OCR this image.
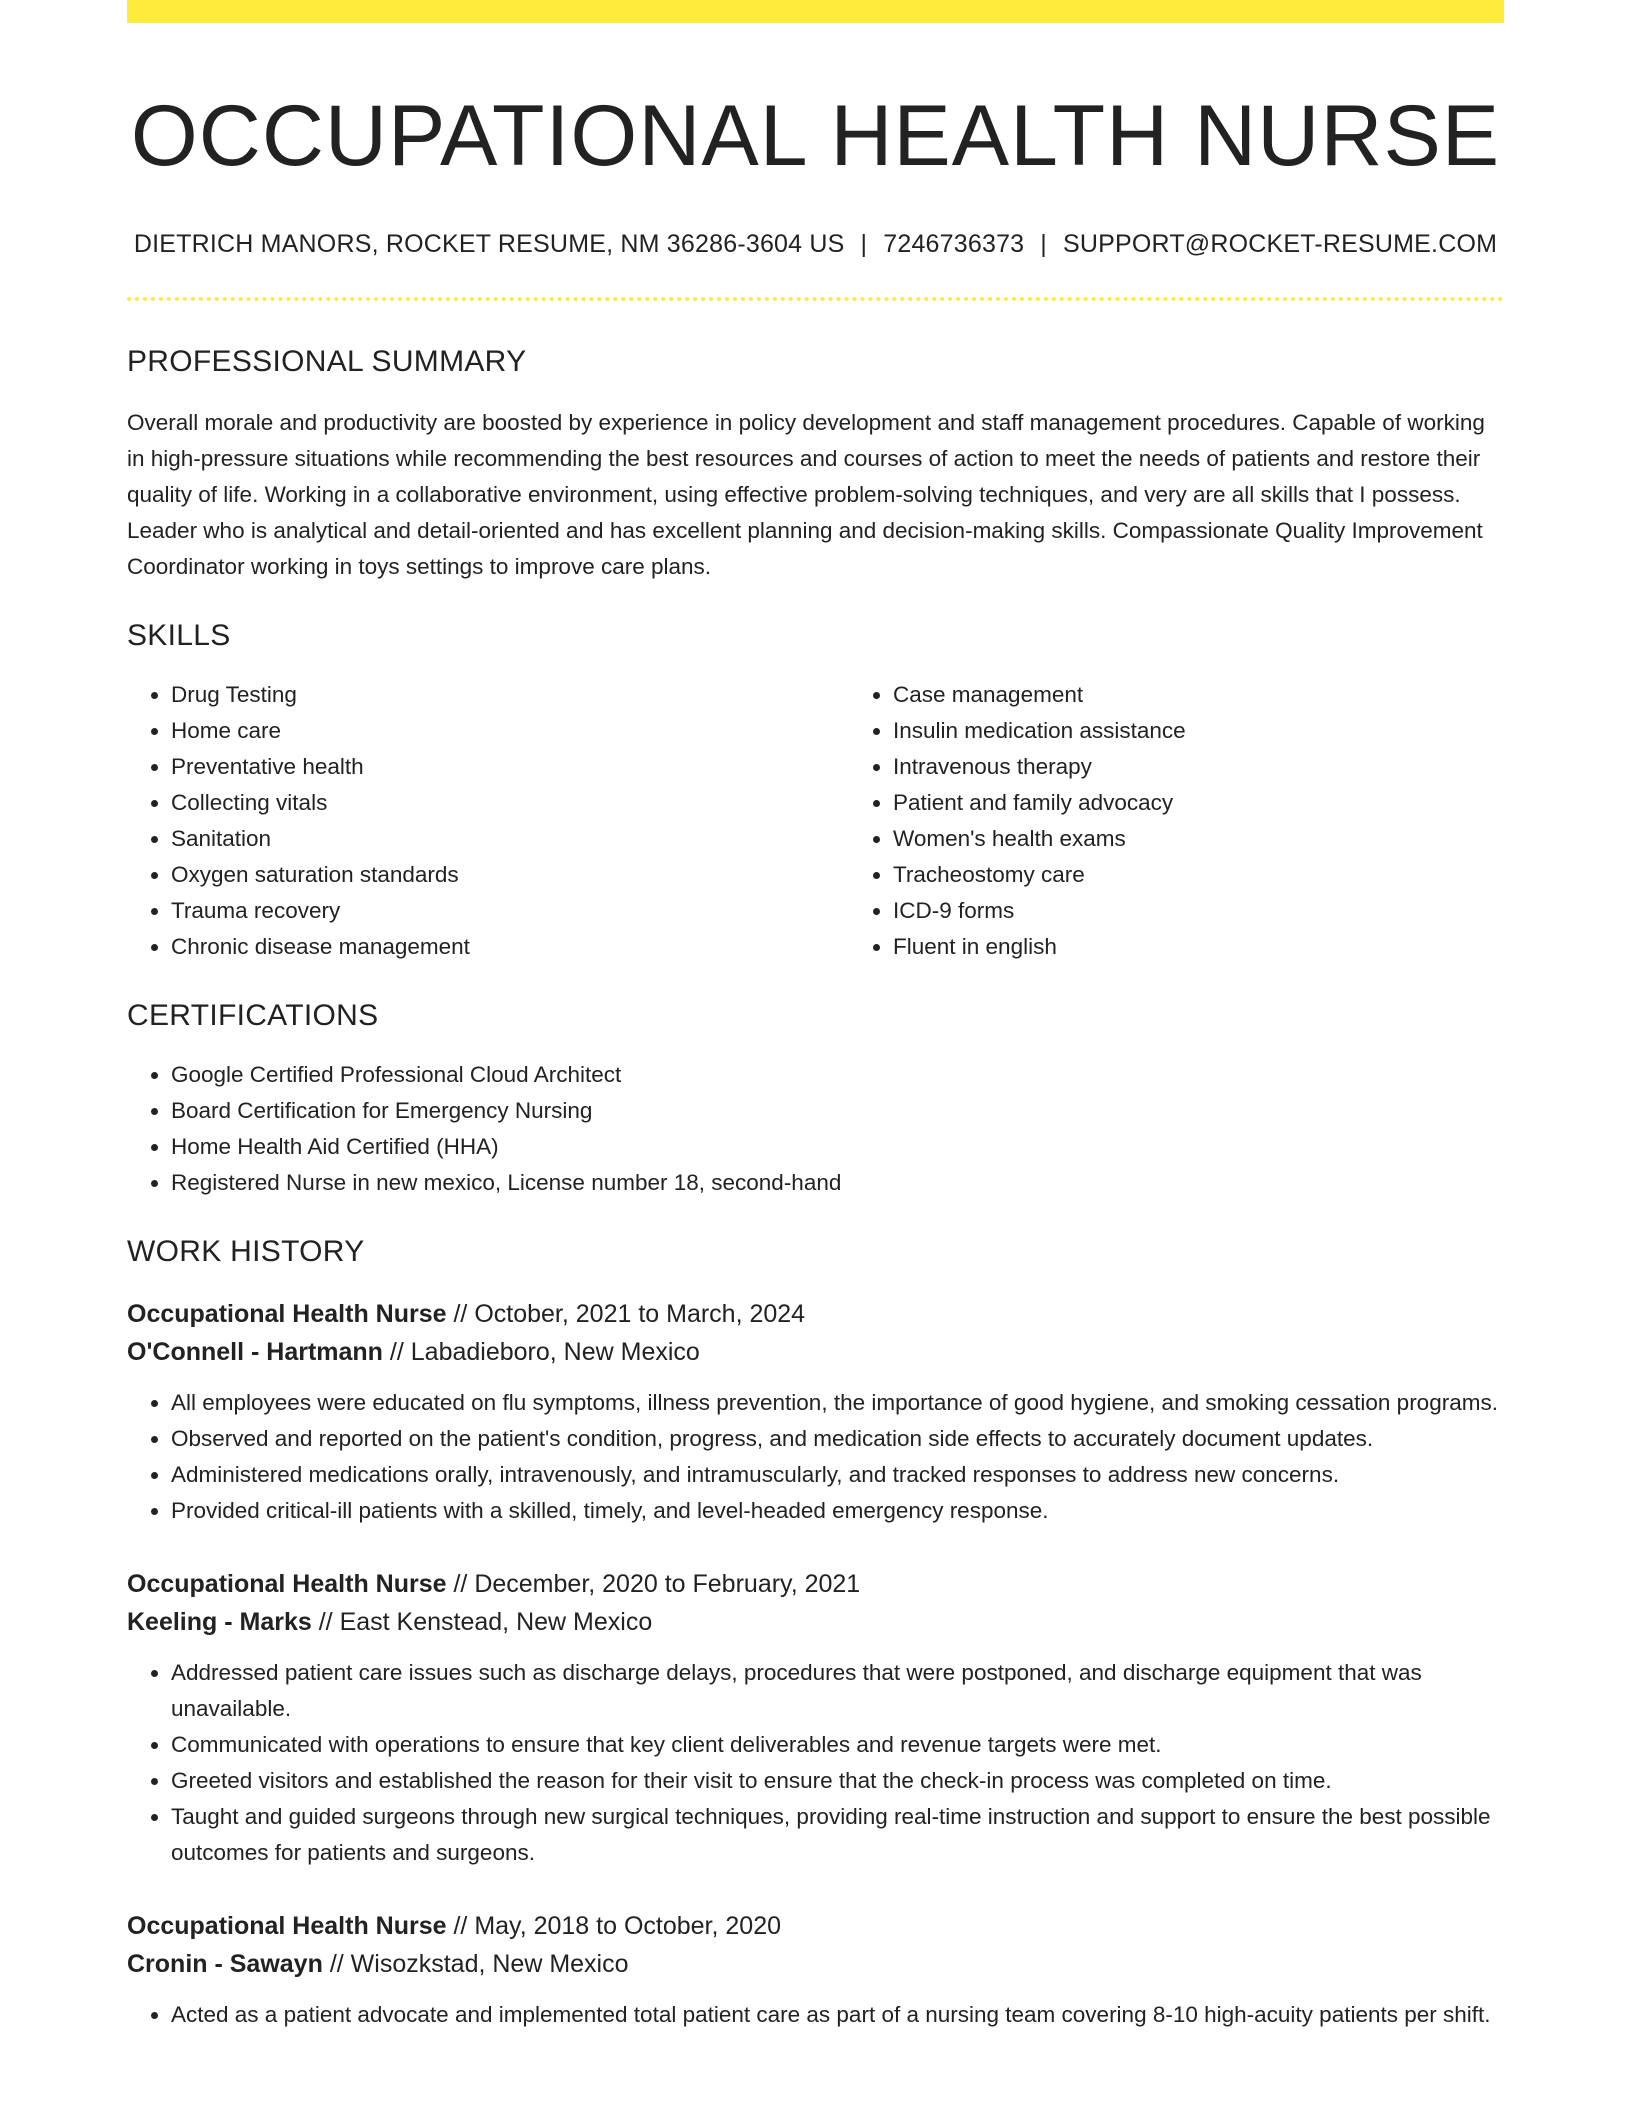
OCCUPATIONAL HEALTH NURSE
DIETRICH MANORS, ROCKET RESUME, NM 36286-3604 US | 7246736373 | SUPPORT@ROCKET-RESUME.COM
PROFESSIONAL SUMMARY
Overall morale and productivity are boosted by experience in policy development and staff management procedures. Capable of working in high-pressure situations while recommending the best resources and courses of action to meet the needs of patients and restore their quality of life. Working in a collaborative environment, using effective problem-solving techniques, and very are all skills that I possess. Leader who is analytical and detail-oriented and has excellent planning and decision-making skills. Compassionate Quality Improvement Coordinator working in toys settings to improve care plans.
SKILLS
• Drug Testing
• Home care
• Preventative health
• Collecting vitals
• Sanitation
• Oxygen saturation standards
• Trauma recovery
• Chronic disease management
• Case management
• Insulin medication assistance
• Intravenous therapy
• Patient and family advocacy
• Women's health exams
• Tracheostomy care
• ICD-9 forms
• Fluent in english
CERTIFICATIONS
• Google Certified Professional Cloud Architect
• Board Certification for Emergency Nursing
• Home Health Aid Certified (HHA)
• Registered Nurse in new mexico, License number 18, second-hand
WORK HISTORY
Occupational Health Nurse // October, 2021 to March, 2024
O'Connell - Hartmann // Labadieboro, New Mexico
• All employees were educated on flu symptoms, illness prevention, the importance of good hygiene, and smoking cessation programs.
• Observed and reported on the patient's condition, progress, and medication side effects to accurately document updates.
• Administered medications orally, intravenously, and intramuscularly, and tracked responses to address new concerns.
• Provided critical-ill patients with a skilled, timely, and level-headed emergency response.
Occupational Health Nurse // December, 2020 to February, 2021
Keeling - Marks // East Kenstead, New Mexico
• Addressed patient care issues such as discharge delays, procedures that were postponed, and discharge equipment that was unavailable.
• Communicated with operations to ensure that key client deliverables and revenue targets were met.
• Greeted visitors and established the reason for their visit to ensure that the check-in process was completed on time.
• Taught and guided surgeons through new surgical techniques, providing real-time instruction and support to ensure the best possible outcomes for patients and surgeons.
Occupational Health Nurse // May, 2018 to October, 2020
Cronin - Sawayn // Wisozkstad, New Mexico
• Acted as a patient advocate and implemented total patient care as part of a nursing team covering 8-10 high-acuity patients per shift.
